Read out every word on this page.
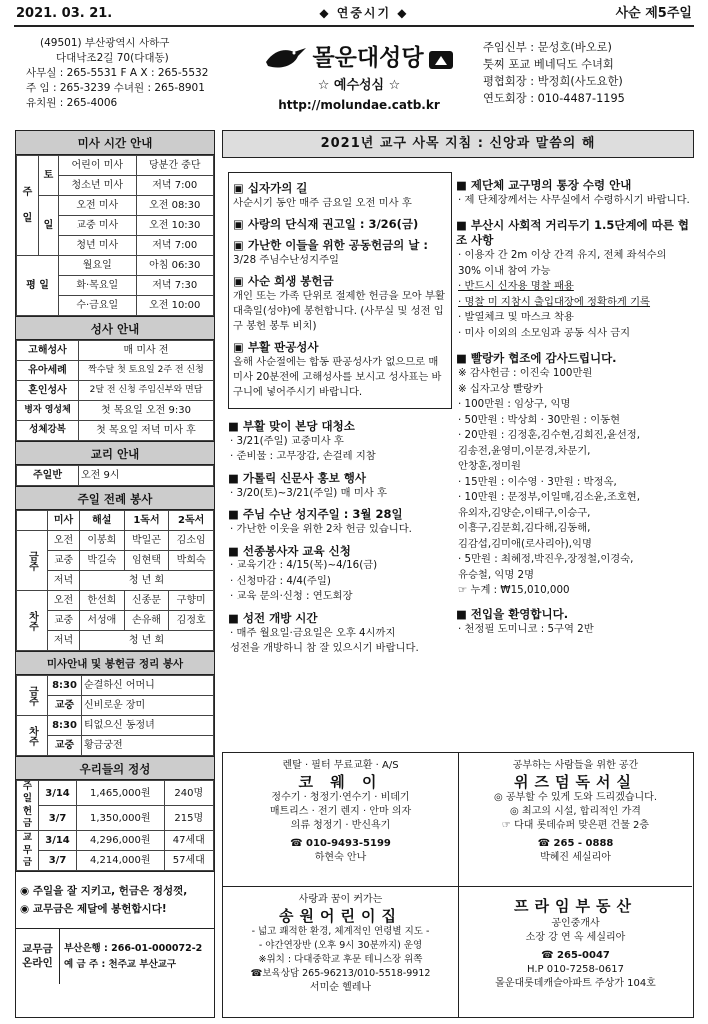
2021. 03. 21.	◆ 연중시기 ◆	사순 제5주일
(49501) 부산광역시 사하구
다대낙조2길 70(다대동)
사무실 : 265-5531 F A X : 265-5532
주 임 : 265-3239 수녀원 : 265-8901
유치원 : 265-4006
몰운대성당
☆ 예수성심 ☆
http://molundae.catb.kr
주임신부 : 문성호(바오로)
툿찌 포교 베네딕도 수녀회
평협회장 : 박정희(사도요한)
연도회장 : 010-4487-1195
미사 시간 안내
주

일	토	어린이 미사	당분간 중단
		청소년 미사	저녁 7:00
	일	오전 미사	오전 08:30
		교중 미사	오전 10:30
		청년 미사	저녁 7:00
평 일		월요일	아침 06:30
		화·목요일	저녁 7:30
		수·금요일	오전 10:00
성사 안내
고해성사	매 미사 전
유아세례	짝수달 첫 토요일 2주 전 신청
혼인성사	2달 전 신청 주임신부와 면담
병자 영성체	첫 목요일 오전 9:30
성체강복	첫 목요일 저녁 미사 후
교리 안내
주일반	오전 9시
주일 전례 봉사
	미사	해설	1독서	2독서
금주	오전	이봉희	박일곤	김소임
	교중	박길숙	임현택	박희숙
	저녁	청 년 회		
차주	오전	한선희	신종문	구향미
	교중	서성애	손유해	김정호
	저녁	청 년 회		
미사안내 및 봉헌금 정리 봉사
금주	8:30	순결하신 어머니
	교중	신비로운 장미
차주	8:30	티없으신 동정녀
	교중	황금궁전
우리들의 정성
주일헌금	3/14	1,465,000원	240명
	3/7	1,350,000원	215명
교무금	3/14	4,296,000원	47세대
	3/7	4,214,000원	57세대
◉ 주일을 잘 지키고, 헌금은 정성껏,
◉ 교무금은 제달에 봉헌합시다!
교무금 온라인
부산은행 : 266-01-000072-2
예 금 주 : 천주교 부산교구
2021년 교구 사목 지침 : 신앙과 말씀의 해
▣ 십자가의 길

사순시기 동안 매주 금요일 오전 미사 후

▣ 사랑의 단식재 권고일 : 3/26(금)
▣ 가난한 이들을 위한 공동헌금의 날 :

3/28 주님수난성지주일

▣ 사순 희생 봉헌금

개인 또는 가족 단위로 절제한 헌금을 모아 부활 대축일(성야)에 봉헌합니다. (사무실 및 성전 입구 봉헌 봉투 비치)

▣ 부활 판공성사

올해 사순절에는 합동 판공성사가 없으므로 매 미사 20분전에 고해성사를 보시고 성사표는 바구니에 넣어주시기 바랍니다.

■ 부활 맞이 본당 대청소
· 3/21(주일) 교중미사 후
· 준비물 : 고무장갑, 손걸레 지참
■ 가톨릭 신문사 홍보 행사
· 3/20(토)~3/21(주일) 매 미사 후
■ 주님 수난 성지주일 : 3월 28일
· 가난한 이웃을 위한 2차 헌금 있습니다.
■ 선종봉사자 교육 신청
· 교육기간 : 4/15(목)~4/16(금)
· 신청마감 : 4/4(주일)
· 교육 문의·신청 : 연도회장
■ 성전 개방 시간
· 매주 월요일·금요일은 오후 4시까지
성전을 개방하니 참 잘 있으시기 바랍니다.
■ 제단체 교구명의 통장 수령 안내
· 제 단체장께서는 사무실에서 수령하시기 바랍니다.
■ 부산시 사회적 거리두기 1.5단계에 따른 협조 사항
· 이용자 간 2m 이상 간격 유지, 전체 좌석수의 30% 이내 참여 가능
· 반드시 신자용 명찰 패용
· 명찰 미 지참시 출입대장에 정확하게 기록
· 발열체크 및 마스크 착용
· 미사 이외의 소모임과 공동 식사 금지
■ 빨랑카 협조에 감사드립니다.
※ 감사헌금 : 이진숙 100만원
※ 십자고상 빨랑카
· 100만원 : 임상구, 익명
· 50만원 : 박상희 · 30만원 : 이동현
· 20만원 : 김정훈,김수현,김희진,윤선정,
김송전,윤영미,이문경,차문기,
안창훈,정미원
· 15만원 : 이수영 · 3만원 : 박정옥,
· 10만원 : 문정부,이일매,김소윤,조호현,
유외자,김양순,이태구,이승구,
이흥구,김문희,김다해,김동해,
김감섭,김미애(로사리아),익명
· 5만원 : 최혜정,박진우,장정철,이경숙,
유승철, 익명 2명
☞ 누계 : ₩15,010,000
■ 전입을 환영합니다.
· 천정필 도미니코 : 5구역 2반
렌탈 · 필터 무료교환 · A/S
코 웨 이
정수기 · 청정기·연수기 · 비데기
매트리스 · 전기 렌지 · 안마 의자
의류 청정기 · 반신욕기
☎ 010-9493-5199
하현숙 안나
공부하는 사람들을 위한 공간
위즈덤독서실
◎ 공부할 수 있게 도와 드리겠습니다.
◎ 최고의 시설, 합리적인 가격
☞ 다대 롯데슈퍼 맞은편 건물 2층
☎ 265 - 0888
박혜진 세실리아
사랑과 꿈이 커가는
송원어린이집
- 넓고 쾌적한 환경, 체계적인 연령별 지도 -
- 야간연장반 (오후 9시 30분까지) 운영
※위치 : 다대중학교 후문 테니스장 위쪽
☎보육상담 265-96213/010-5518-9912
서미순 헬레나
프라임부동산
공인중개사
소장 강 연 옥 세실리아
☎ 265-0047
H.P 010-7258-0617
몰운대롯데캐슬아파트 주상가 104호
